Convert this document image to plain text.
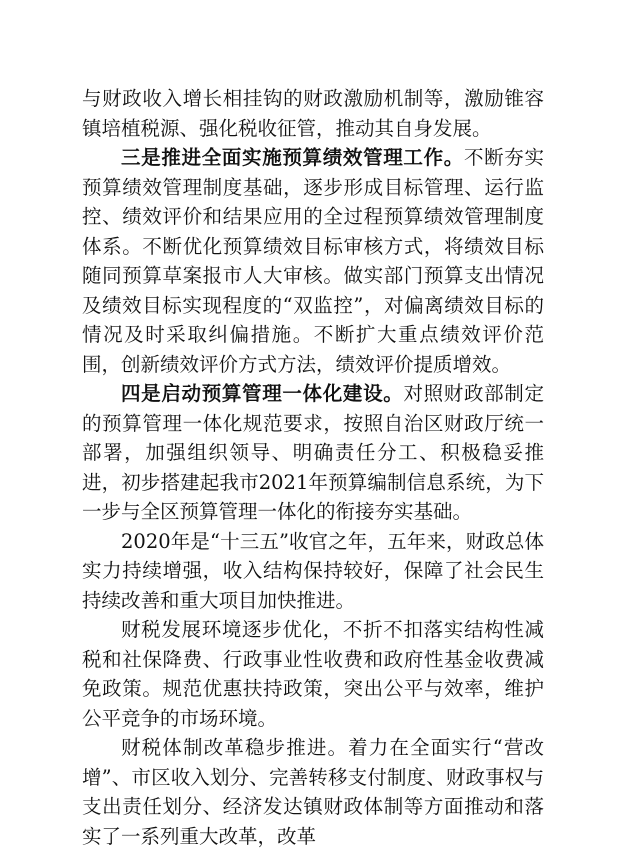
与财政收入增长相挂钩的财政激励机制等，激励锥容镇培植税源、强化税收征管，推动其自身发展。

三是推进全面实施预算绩效管理工作。不断夯实预算绩效管理制度基础，逐步形成目标管理、运行监控、绩效评价和结果应用的全过程预算绩效管理制度体系。不断优化预算绩效目标审核方式，将绩效目标随同预算草案报市人大审核。做实部门预算支出情况及绩效目标实现程度的“双监控”，对偏离绩效目标的情况及时采取纠偏措施。不断扩大重点绩效评价范围，创新绩效评价方式方法，绩效评价提质增效。

四是启动预算管理一体化建设。对照财政部制定的预算管理一体化规范要求，按照自治区财政厅统一部署，加强组织领导、明确责任分工、积极稳妥推进，初步搭建起我市2021年预算编制信息系统，为下一步与全区预算管理一体化的衔接夯实基础。

2020年是“十三五”收官之年，五年来，财政总体实力持续增强，收入结构保持较好，保障了社会民生持续改善和重大项目加快推进。

财税发展环境逐步优化，不折不扣落实结构性减税和社保降费、行政事业性收费和政府性基金收费减免政策。规范优惠扶持政策，突出公平与效率，维护公平竞争的市场环境。

财税体制改革稳步推进。着力在全面实行“营改增”、市区收入划分、完善转移支付制度、财政事权与支出责任划分、经济发达镇财政体制等方面推动和落实了一系列重大改革，改革
